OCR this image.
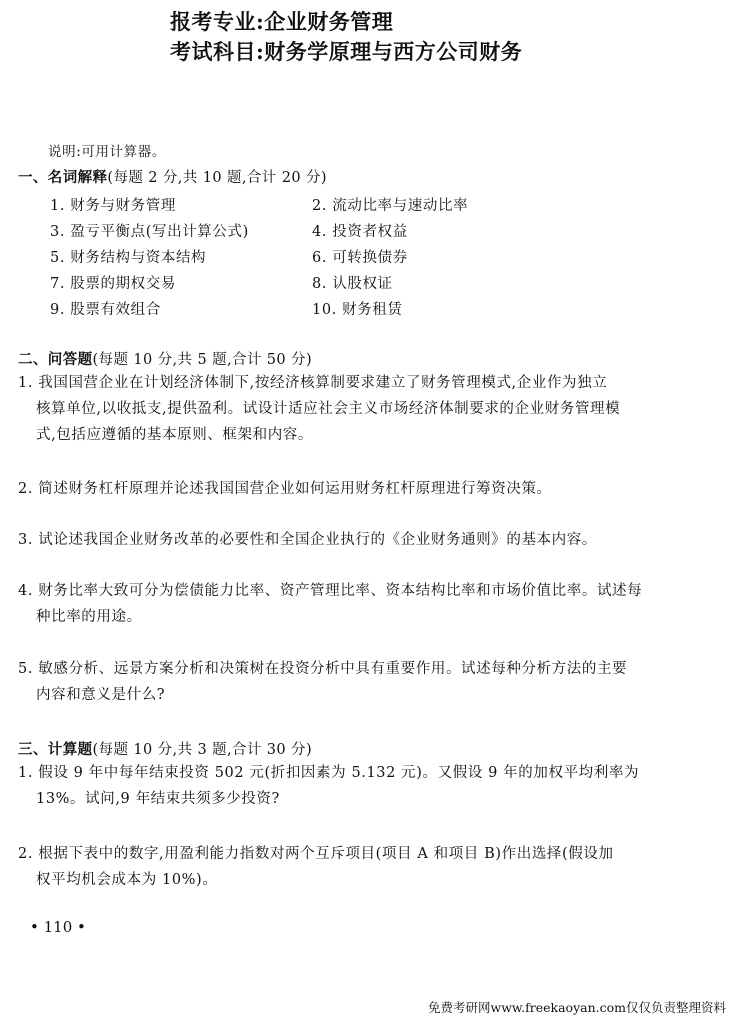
报考专业:企业财务管理
考试科目:财务学原理与西方公司财务
说明:可用计算器。
一、名词解释(每题 2 分,共 10 题,合计 20 分)
1. 财务与财务管理	2. 流动比率与速动比率
3. 盈亏平衡点(写出计算公式)	4. 投资者权益
5. 财务结构与资本结构	6. 可转换债券
7. 股票的期权交易	8. 认股权证
9. 股票有效组合	10. 财务租赁
二、问答题(每题 10 分,共 5 题,合计 50 分)
1. 我国国营企业在计划经济体制下,按经济核算制要求建立了财务管理模式,企业作为独立
核算单位,以收抵支,提供盈利。试设计适应社会主义市场经济体制要求的企业财务管理模
式,包括应遵循的基本原则、框架和内容。
2. 简述财务杠杆原理并论述我国国营企业如何运用财务杠杆原理进行筹资决策。
3. 试论述我国企业财务改革的必要性和全国企业执行的《企业财务通则》的基本内容。
4. 财务比率大致可分为偿债能力比率、资产管理比率、资本结构比率和市场价值比率。试述每
种比率的用途。
5. 敏感分析、远景方案分析和决策树在投资分析中具有重要作用。试述每种分析方法的主要
内容和意义是什么?
三、计算题(每题 10 分,共 3 题,合计 30 分)
1. 假设 9 年中每年结束投资 502 元(折扣因素为 5.132 元)。又假设 9 年的加权平均利率为
13%。试问,9 年结束共须多少投资?
2. 根据下表中的数字,用盈利能力指数对两个互斥项目(项目 A 和项目 B)作出选择(假设加
权平均机会成本为 10%)。
• 110 •
免费考研网www.freekaoyan.com仅仅负责整理资料
